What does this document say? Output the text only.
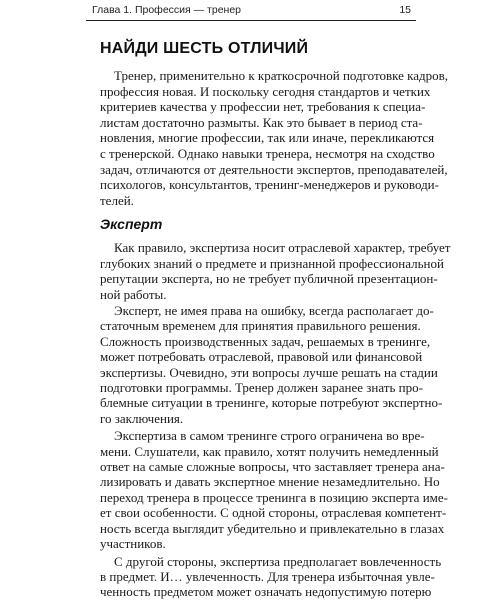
Глава 1. Профессия — тренер	15
НАЙДИ ШЕСТЬ ОТЛИЧИЙ
Тренер, применительно к краткосрочной подготовке кадров,
профессия новая. И поскольку сегодня стандартов и четких
критериев качества у профессии нет, требования к специа-
листам достаточно размыты. Как это бывает в период ста-
новления, многие профессии, так или иначе, перекликаются
с тренерской. Однако навыки тренера, несмотря на сходство
задач, отличаются от деятельности экспертов, преподавателей,
психологов, консультантов, тренинг-менеджеров и руководи-
телей.
Эксперт
Как правило, экспертиза носит отраслевой характер, требует
глубоких знаний о предмете и признанной профессиональной
репутации эксперта, но не требует публичной презентацион-
ной работы.
Эксперт, не имея права на ошибку, всегда располагает до-
статочным временем для принятия правильного решения.
Сложность производственных задач, решаемых в тренинге,
может потребовать отраслевой, правовой или финансовой
экспертизы. Очевидно, эти вопросы лучше решать на стадии
подготовки программы. Тренер должен заранее знать про-
блемные ситуации в тренинге, которые потребуют экспертно-
го заключения.
Экспертиза в самом тренинге строго ограничена во вре-
мени. Слушатели, как правило, хотят получить немедленный
ответ на самые сложные вопросы, что заставляет тренера ана-
лизировать и давать экспертное мнение незамедлительно. Но
переход тренера в процессе тренинга в позицию эксперта име-
ет свои особенности. С одной стороны, отраслевая компетент-
ность всегда выглядит убедительно и привлекательно в глазах
участников.
С другой стороны, экспертиза предполагает вовлеченность
в предмет. И… увлеченность. Для тренера избыточная увле-
ченность предметом может означать недопустимую потерю
